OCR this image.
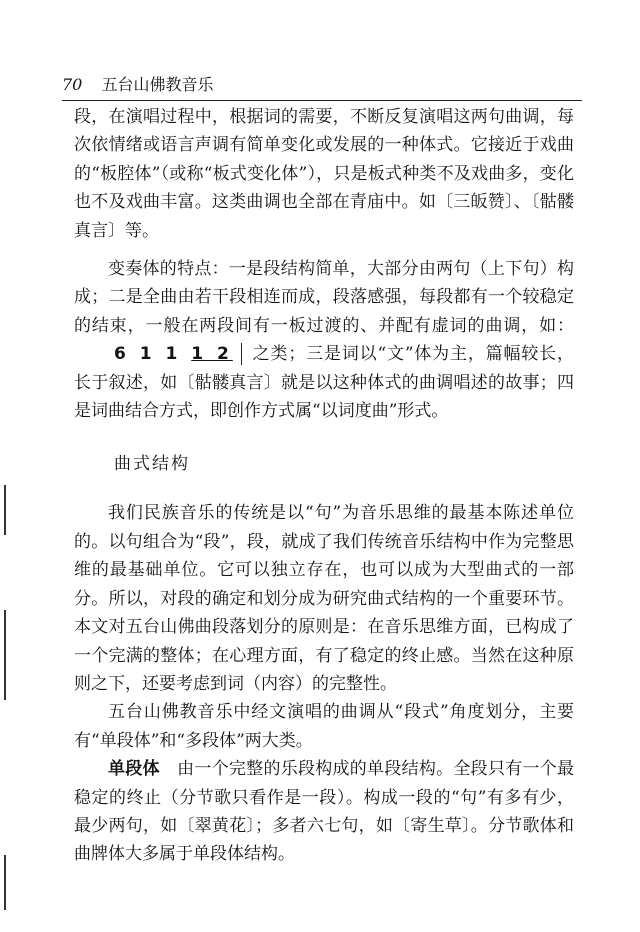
70 五台山佛教音乐

段，在演唱过程中，根据词的需要，不断反复演唱这两句曲调，每次依情绪或语言声调有简单变化或发展的一种体式。它接近于戏曲的“板腔体”（或称“板式变化体”），只是板式种类不及戏曲多，变化也不及戏曲丰富。这类曲调也全部在青庙中。如〔三皈赞〕、〔骷髅真言〕等。

变奏体的特点：一是段结构简单，大部分由两句（上下句）构成；二是全曲由若干段相连而成，段落感强，每段都有一个较稳定的结束，一般在两段间有一板过渡的、并配有虚词的曲调，如：6 1 1 1 2 之类；三是词以“文”体为主，篇幅较长，长于叙述，如〔骷髅真言〕就是以这种体式的曲调唱述的故事；四是词曲结合方式，即创作方式属“以词度曲”形式。

曲式结构

我们民族音乐的传统是以“句”为音乐思维的最基本陈述单位的。以句组合为“段”，段，就成了我们传统音乐结构中作为完整思维的最基础单位。它可以独立存在，也可以成为大型曲式的一部分。所以，对段的确定和划分成为研究曲式结构的一个重要环节。本文对五台山佛曲段落划分的原则是：在音乐思维方面，已构成了一个完满的整体；在心理方面，有了稳定的终止感。当然在这种原则之下，还要考虑到词（内容）的完整性。

五台山佛教音乐中经文演唱的曲调从“段式”角度划分，主要有“单段体”和“多段体”两大类。

单段体　 由一个完整的乐段构成的单段结构。全段只有一个最稳定的终止（分节歌只看作是一段）。构成一段的“句”有多有少，最少两句，如〔翠黄花〕；多者六七句，如〔寄生草〕。分节歌体和曲牌体大多属于单段体结构。
